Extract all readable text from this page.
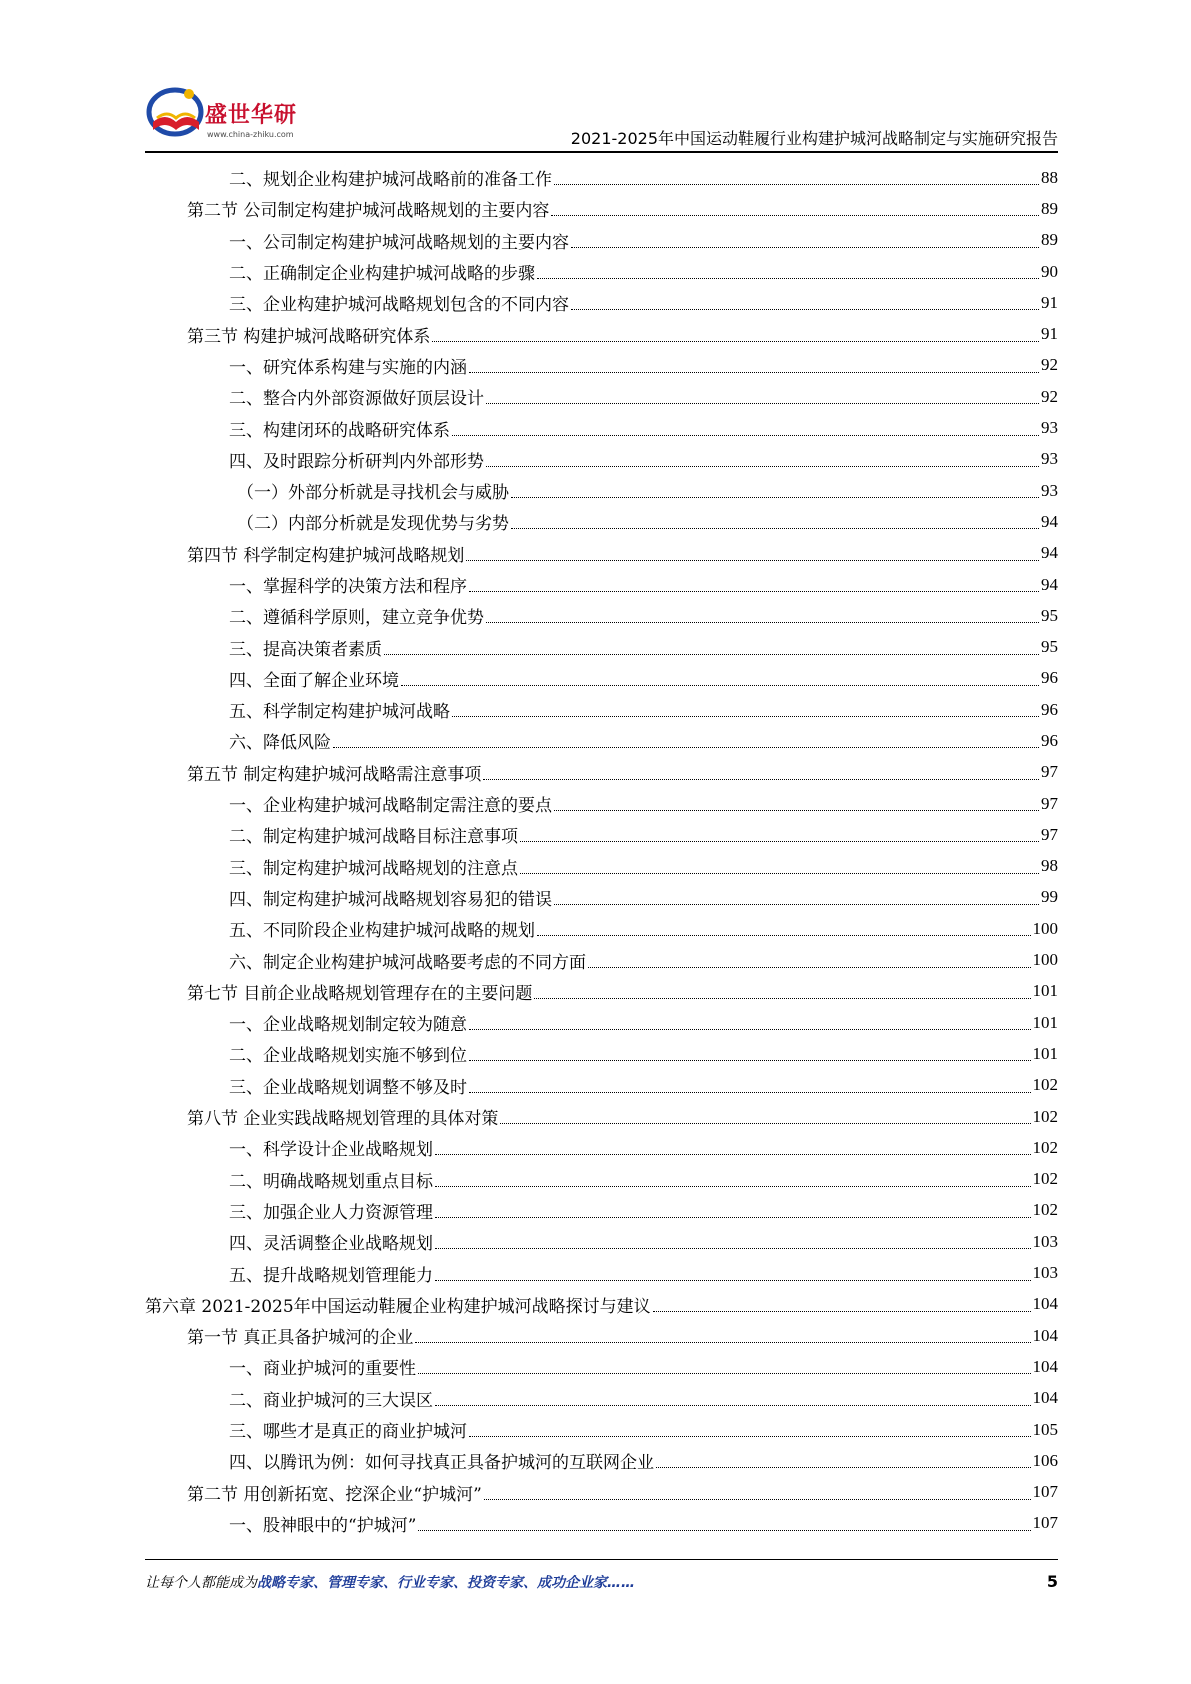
盛世华研
www.china-zhiku.com	2021-2025年中国运动鞋履行业构建护城河战略制定与实施研究报告
二、规划企业构建护城河战略前的准备工作	88
第二节 公司制定构建护城河战略规划的主要内容	89
一、公司制定构建护城河战略规划的主要内容	89
二、正确制定企业构建护城河战略的步骤	90
三、企业构建护城河战略规划包含的不同内容	91
第三节 构建护城河战略研究体系	91
一、研究体系构建与实施的内涵	92
二、整合内外部资源做好顶层设计	92
三、构建闭环的战略研究体系	93
四、及时跟踪分析研判内外部形势	93
（一）外部分析就是寻找机会与威胁	93
（二）内部分析就是发现优势与劣势	94
第四节 科学制定构建护城河战略规划	94
一、掌握科学的决策方法和程序	94
二、遵循科学原则，建立竞争优势	95
三、提高决策者素质	95
四、全面了解企业环境	96
五、科学制定构建护城河战略	96
六、降低风险	96
第五节 制定构建护城河战略需注意事项	97
一、企业构建护城河战略制定需注意的要点	97
二、制定构建护城河战略目标注意事项	97
三、制定构建护城河战略规划的注意点	98
四、制定构建护城河战略规划容易犯的错误	99
五、不同阶段企业构建护城河战略的规划	100
六、制定企业构建护城河战略要考虑的不同方面	100
第七节 目前企业战略规划管理存在的主要问题	101
一、企业战略规划制定较为随意	101
二、企业战略规划实施不够到位	101
三、企业战略规划调整不够及时	102
第八节 企业实践战略规划管理的具体对策	102
一、科学设计企业战略规划	102
二、明确战略规划重点目标	102
三、加强企业人力资源管理	102
四、灵活调整企业战略规划	103
五、提升战略规划管理能力	103
第六章 2021-2025年中国运动鞋履企业构建护城河战略探讨与建议	104
第一节 真正具备护城河的企业	104
一、商业护城河的重要性	104
二、商业护城河的三大误区	104
三、哪些才是真正的商业护城河	105
四、以腾讯为例：如何寻找真正具备护城河的互联网企业	106
第二节 用创新拓宽、挖深企业“护城河”	107
一、股神眼中的“护城河”	107
让每个人都能成为战略专家、管理专家、行业专家、投资专家、成功企业家……	5
